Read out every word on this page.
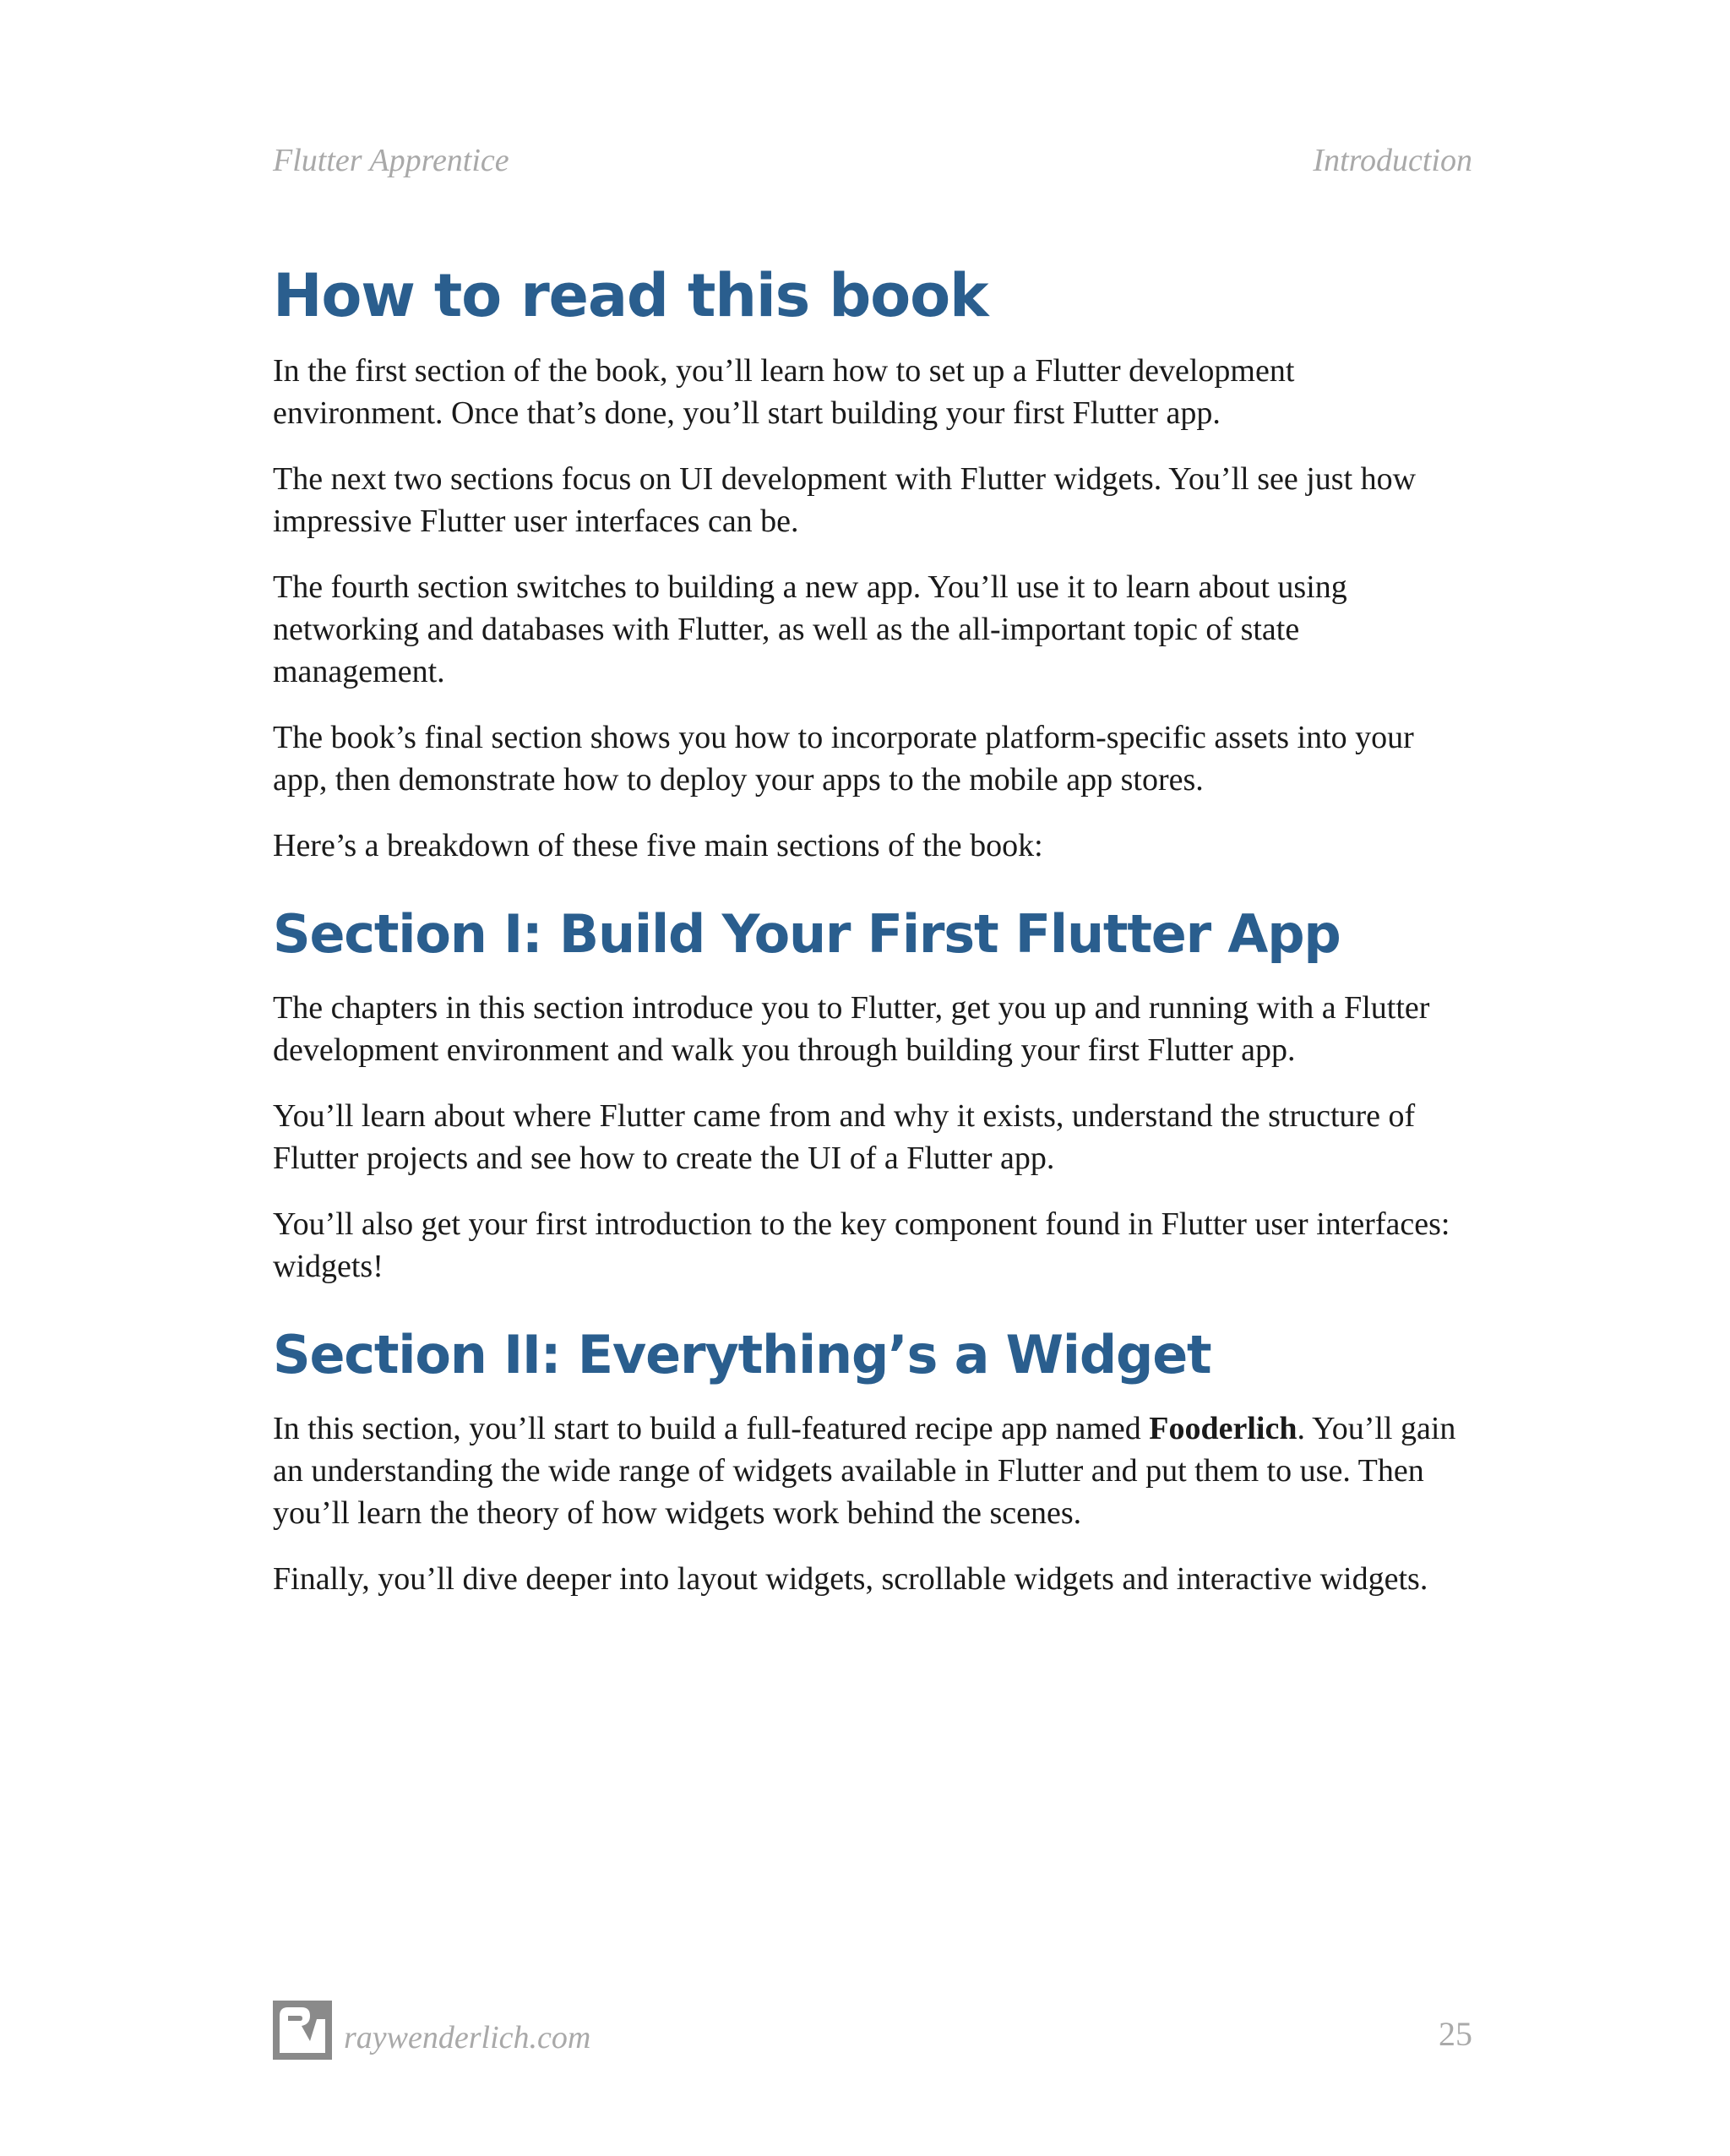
Flutter Apprentice	Introduction
How to read this book

In the first section of the book, you’ll learn how to set up a Flutter development environment. Once that’s done, you’ll start building your first Flutter app.

The next two sections focus on UI development with Flutter widgets. You’ll see just how impressive Flutter user interfaces can be.

The fourth section switches to building a new app. You’ll use it to learn about using networking and databases with Flutter, as well as the all-important topic of state management.

The book’s final section shows you how to incorporate platform-specific assets into your app, then demonstrate how to deploy your apps to the mobile app stores.

Here’s a breakdown of these five main sections of the book:

Section I: Build Your First Flutter App

The chapters in this section introduce you to Flutter, get you up and running with a Flutter development environment and walk you through building your first Flutter app.

You’ll learn about where Flutter came from and why it exists, understand the structure of Flutter projects and see how to create the UI of a Flutter app.

You’ll also get your first introduction to the key component found in Flutter user interfaces: widgets!

Section II: Everything’s a Widget

In this section, you’ll start to build a full-featured recipe app named Fooderlich. You’ll gain an understanding the wide range of widgets available in Flutter and put them to use. Then you’ll learn the theory of how widgets work behind the scenes.

Finally, you’ll dive deeper into layout widgets, scrollable widgets and interactive widgets.

raywenderlich.com	25
